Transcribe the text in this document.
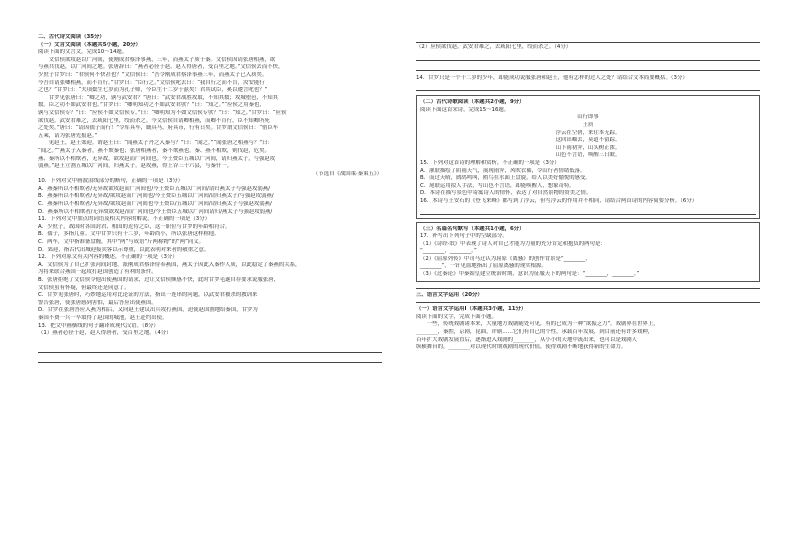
二、古代诗文阅读（35分）

（一）文言文阅读（本题共5小题，20分）

阅读下面的文言文，完成10～14题。

　　文信侯欲攻赵以广河间，使刚成君蔡泽事燕，三年，而燕太子质于秦。文信侯因请张唐相燕，欲

与燕共伐赵，以广河间之地。张唐辞曰：“燕者必径于赵，赵人得唐者，受百里之地。”文信侯去而不快。

少庶子甘罗曰：“君侯何不快甚也？”文信侯曰：“吾令刚成君蔡泽事燕三年，而燕太子已入质矣。

今吾自请张卿相燕，而不肯行。”甘罗曰：“臣行之。”文信侯叱去曰：“我自行之而不肯，汝安能行

之也？”甘罗曰：“夫项橐生七岁而为孔子师，今臣生十二岁于兹矣！君其试臣，奚以遽言叱也？”

　　甘罗见张唐曰：“卿之功，孰与武安君？”唐曰：“武安君战胜攻取，不知其数；攻城堕邑，不知其

数。臣之功不如武安君也。”甘罗曰：“卿明知功之不如武安君欤？”曰：“知之。”“应侯之用秦也，

孰与文信侯专？”曰：“应侯不如文信侯专。”曰：“卿明知为不如文信侯专欤？”曰：“知之。”甘罗曰：“应侯

欲伐赵，武安君难之，去咸阳七里，绞而杀之。今文信侯自请卿相燕，而卿不肯行，臣不知卿所死

之处矣。”唐曰：“请因孺子而行！”令库具车，厩具马，府具币，行有日矣。甘罗谓文信侯曰：“借臣车

五乘，请为张唐先报赵。”

　　见赵王，赵王郊迎。谓赵王曰：“闻燕太子丹之入秦与？”曰：“闻之。”“闻张唐之相燕与？”曰：

“闻之。”“燕太子入秦者，燕不欺秦也；张唐相燕者，秦不欺燕也。秦、燕不相欺，则伐赵，危矣。

燕、秦所以不相欺者，无异故，欲攻赵而广河间也。今王赍臣五城以广河间，请归燕太子，与强赵攻

弱燕。”赵王立割五城以广河间，归燕太子。赵攻燕，得上谷三十六县，与秦什一。

（节选自《战国策·秦策五》）

10．下列对文中画波浪线部分的断句，正确的一项是（3分）

A．燕秦所以不相欺者/无异故欲攻赵而广河间也/今王赍臣五城以广河间/请归燕太子与强赵攻弱燕/

B．燕秦所以不相欺者/无异故/欲攻赵而广河间也/今王赍臣五城以广河间/请归燕太子/与强赵攻弱燕/

C．燕秦所以不相欺者/无异故/欲攻赵而广河间也今王赍臣/五城以广河间/请归燕太子与强赵攻弱燕/

D．燕秦所以不相欺者/无异故欲攻赵/而广河间也/今王赍臣五城以广河间请归/燕太子与强赵攻弱燕/

11．下列对文中加点的词语及相关内容的解说，不正确的一项是（3分）

A．少庶子，战国时各国封君、相国的近侍之臣，这一职位与甘罗的年龄相符合。

B．孺子，多指儿童。文中甘罗只有十二岁，年龄尚小，所以张唐这样称他。

C．两车，文中指准备盘缠，其中“两”与成语“斤两称物”的“两”同义。

D．郊迎，指古代出城迎接宾客以示尊重，以此表明对来者的敬重之意。

12．下列对原文有关内容的概述，不正确的一项是（3分）

A．文信侯为了自己扩张河间封地，派刚成君蔡泽侍奉燕国，燕太子因此入秦作人质，以此稳定了秦燕的关系，

为将来联合燕国一起攻打赵国创造了有利的条件。

B．张唐拒绝了文信侯令他出使燕国的请求，过让文信侯颇感不快，此时甘罗毛遂自荐要求说服张唐，

文信侯虽有怀疑，但最终还是同意了。

C．甘罗见张唐时，巧妙地运用对比论证的方法，指出一连串的问题，以武安君被杀的教训来

警告张唐，使张唐感到害怕，最后答应出使燕国。

D．甘罗在张唐答应入燕为相后，又向赵王建议出兵攻打燕国，迫使赵国割地给秦国，甘罗为

秦国不费一兵一卒取得了赵国的城池，赵王赴约出使。

13．把文中画横线的句子翻译成现代汉语。（8分）

（1）燕者必径于赵，赵人得唐者，受百里之地。（4分）

（2）应侯欲伐赵，武安君难之，去咸阳七里，绞而杀之。（4分）

14．甘罗只是一个十二岁的少年，却能成功说服张唐和赵王，他有怎样的过人之处？请结合文本简要概括。（3分）

（二）古代诗歌阅读（本题共2小题，9分）

阅读下面这首宋诗，完成15～16题。

山行即事

王质

浮云在空碧，来往本无踪。

这回出岫去，莫道不留踪。

山下雨初霁，山头树正浓。

山色不言语，唤醒三日眠。

15．下列对这首诗的理解和赏析，不正确的一项是（3分）

A．颔联描绘了阴雨天气，展现雨霁，风吹衣袖，令山行者情绪低落。

B．而过天晴，鹧鸪鸣叫，鸥鸟在水面上盘旋，给人以美好愉悦的感受。

C．尾联运用拟人手法，写山色不言语，却能唤醒人，想象奇特。

D．本诗在描写景色中寄寓诗人的情怀，表达了对自然景物的赞美之情。

16．本诗与王安石的《登飞来峰》都写到了浮云，但写浮云的作用并不相同，请结合两首诗的内容简要分析。（6分）

（三）名篇名句默写（本题共1小题，6分）

17．补写出下列句子中的空缺部分。

（1）《诗经·氓》中表现了诗人对自己才能为力量的充分肯定和抱负的两句是：

“________，________。”

（2）《屈原列传》中司马迁认为屈原《离骚》的创作背景是“________，

________”，一针见血地指出了屈原离骚的现实根源。

（3）《过秦论》中秦始皇建立统治时期，意识为征服天下的两句是：“________，________。”

三、语言文字运用（20分）

（一）语言文字运用Ⅰ（本题共3小题，11分）

阅读下面的文字，完成下面小题。

　　一些，传统戏剧诸本来，大量地方戏剧随处可见，有的已成为一种“欲振乏力”。戏剧界在世界上，

________，秦腔，京剧，昆曲，评剧……它们有自己的个性，承载百年发展，到目前还有许多戏种，

百年扩大戏剧发展直后，逐渐进入戏剧的________，从小小的天地中流出来，也可以是戏剧人

纵横舞台的，________对以现代时期戏剧的现代价值，使得戏剧不断地获得新的生命力。
